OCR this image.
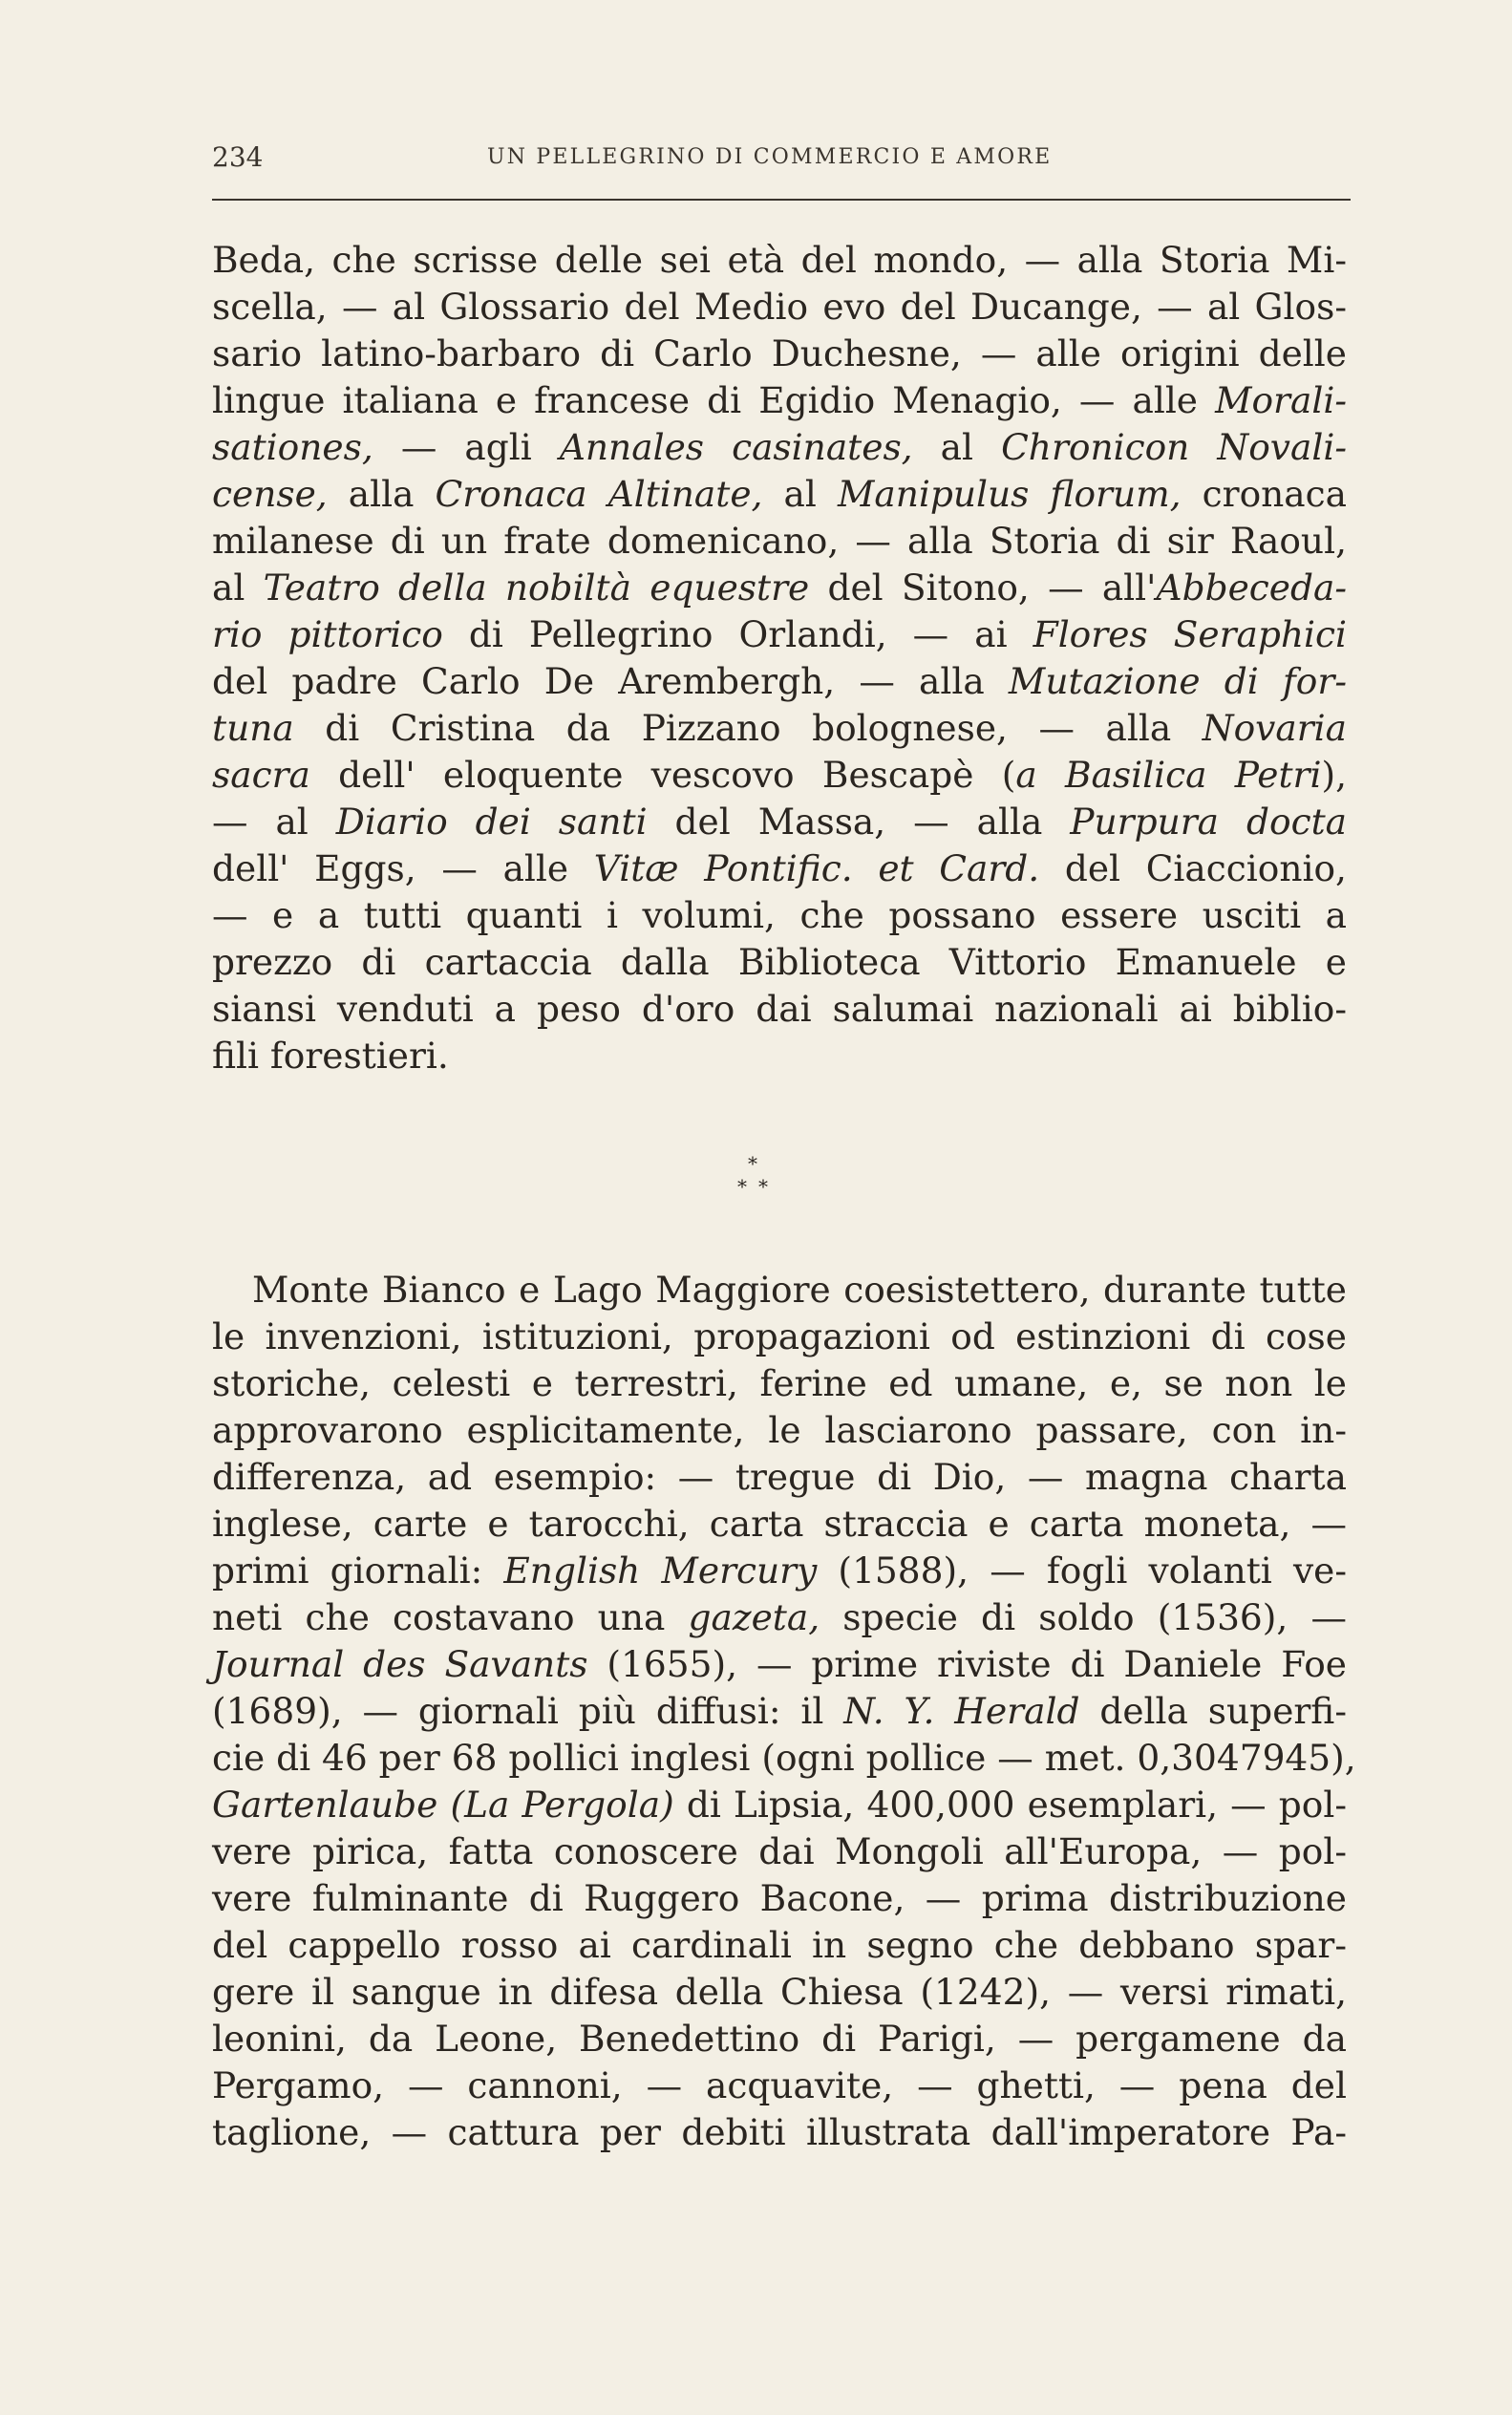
234	UN PELLEGRINO DI COMMERCIO E AMORE
Beda, che scrisse delle sei età del mondo, — alla Storia Mi-
scella, — al Glossario del Medio evo del Ducange, — al Glos-
sario latino-barbaro di Carlo Duchesne, — alle origini delle
lingue italiana e francese di Egidio Menagio, — alle Morali-
sationes, — agli Annales casinates, al Chronicon Novali-
cense, alla Cronaca Altinate, al Manipulus florum, cronaca
milanese di un frate domenicano, — alla Storia di sir Raoul,
al Teatro della nobiltà equestre del Sitono, — all'Abbeceda-
rio pittorico di Pellegrino Orlandi, — ai Flores Seraphici
del padre Carlo De Arembergh, — alla Mutazione di for-
tuna di Cristina da Pizzano bolognese, — alla Novaria
sacra dell' eloquente vescovo Bescapè (a Basilica Petri),
— al Diario dei santi del Massa, — alla Purpura docta
dell' Eggs, — alle Vitæ Pontific. et Card. del Ciaccionio,
— e a tutti quanti i volumi, che possano essere usciti a
prezzo di cartaccia dalla Biblioteca Vittorio Emanuele e
siansi venduti a peso d'oro dai salumai nazionali ai biblio-
fili forestieri.
*
* *
Monte Bianco e Lago Maggiore coesistettero, durante tutte
le invenzioni, istituzioni, propagazioni od estinzioni di cose
storiche, celesti e terrestri, ferine ed umane, e, se non le
approvarono esplicitamente, le lasciarono passare, con in-
differenza, ad esempio: — tregue di Dio, — magna charta
inglese, carte e tarocchi, carta straccia e carta moneta, —
primi giornali: English Mercury (1588), — fogli volanti ve-
neti che costavano una gazeta, specie di soldo (1536), —
Journal des Savants (1655), — prime riviste di Daniele Foe
(1689), — giornali più diffusi: il N. Y. Herald della superfi-
cie di 46 per 68 pollici inglesi (ogni pollice — met. 0,3047945),
Gartenlaube (La Pergola) di Lipsia, 400,000 esemplari, — pol-
vere pirica, fatta conoscere dai Mongoli all'Europa, — pol-
vere fulminante di Ruggero Bacone, — prima distribuzione
del cappello rosso ai cardinali in segno che debbano spar-
gere il sangue in difesa della Chiesa (1242), — versi rimati,
leonini, da Leone, Benedettino di Parigi, — pergamene da
Pergamo, — cannoni, — acquavite, — ghetti, — pena del
taglione, — cattura per debiti illustrata dall'imperatore Pa-
